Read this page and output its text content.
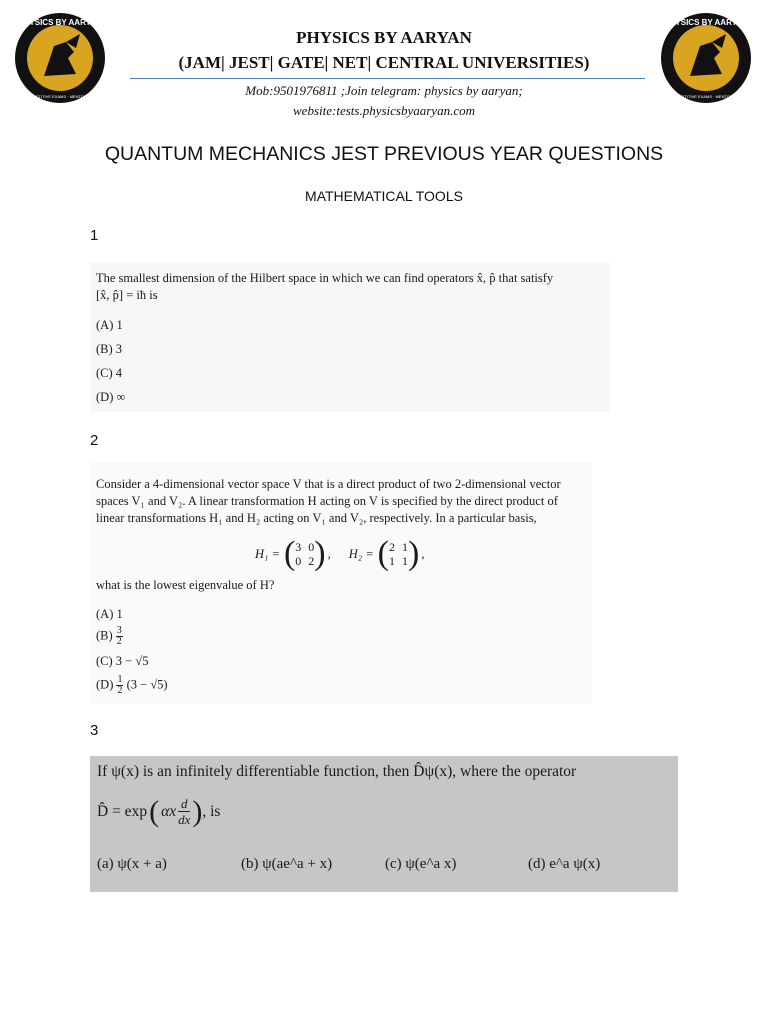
PHYSICS BY AARYAN
COMPETITIVE EXAMS · MENTORSHIP
PHYSICS BY AARYAN
COMPETITIVE EXAMS · MENTORSHIP
PHYSICS BY AARYAN
(JAM| JEST| GATE| NET| CENTRAL UNIVERSITIES)
Mob:9501976811 ;Join telegram: physics by aaryan;
website:tests.physicsbyaaryan.com
QUANTUM MECHANICS JEST PREVIOUS YEAR QUESTIONS
MATHEMATICAL TOOLS
1
The smallest dimension of the Hilbert space in which we can find operators x̂, p̂ that satisfy
[x̂, p̂] = iħ is
(A) 1
(B) 3
(C) 4
(D) ∞
2
Consider a 4-dimensional vector space V that is a direct product of two 2-dimensional vector
spaces V₁ and V₂. A linear transformation H acting on V is specified by the direct product of
linear transformations H₁ and H₂ acting on V₁ and V₂, respectively. In a particular basis,
H₁ = ( 3 0
0 2 ) , H₂ = ( 2 1
1 1 ) ,
what is the lowest eigenvalue of H?
(A) 1
$(B) \frac{3}{2}$
(C) 3 − √5
$(D) \frac{1}{2} (3 - √5)$
3
If ψ(x) is an infinitely differentiable function, then D̂ψ(x), where the operator
D̂ = exp ( αx $\frac{d}{dx}$ ) , is
(a) ψ(x + a)	(b) ψ(ae^a + x)	(c) ψ(e^a x)	(d) e^a ψ(x)
